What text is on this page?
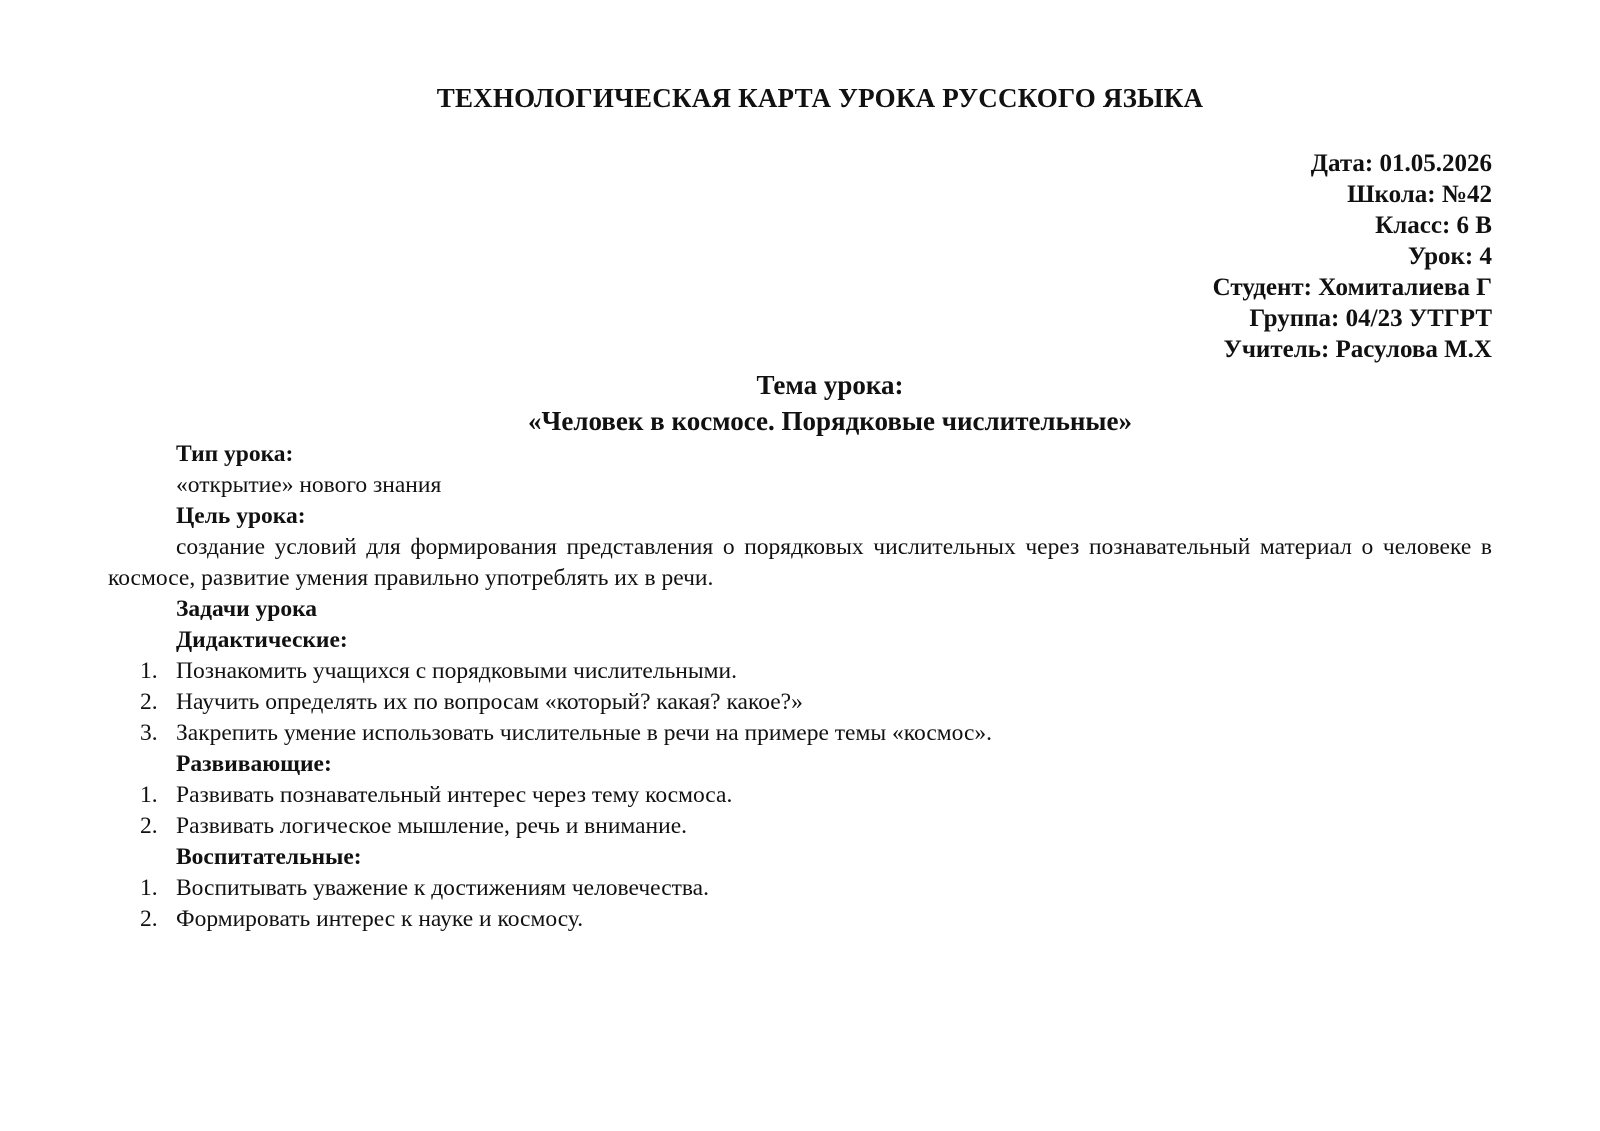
ТЕХНОЛОГИЧЕСКАЯ КАРТА УРОКА РУССКОГО ЯЗЫКА
Дата: 01.05.2026
Школа: №42
Класс: 6 В
Урок: 4
Студент: Хомиталиева Г
Группа: 04/23 УТГРТ
Учитель: Расулова М.Х
Тема урока:
«Человек в космосе. Порядковые числительные»
Тип урока:
«открытие» нового знания
Цель урока:
создание условий для формирования представления о порядковых числительных через познавательный материал о человеке в космосе, развитие умения правильно употреблять их в речи.
Задачи урока
Дидактические:
1. Познакомить учащихся с порядковыми числительными.
2. Научить определять их по вопросам «который? какая? какое?»
3. Закрепить умение использовать числительные в речи на примере темы «космос».
Развивающие:
1. Развивать познавательный интерес через тему космоса.
2. Развивать логическое мышление, речь и внимание.
Воспитательные:
1. Воспитывать уважение к достижениям человечества.
2. Формировать интерес к науке и космосу.
